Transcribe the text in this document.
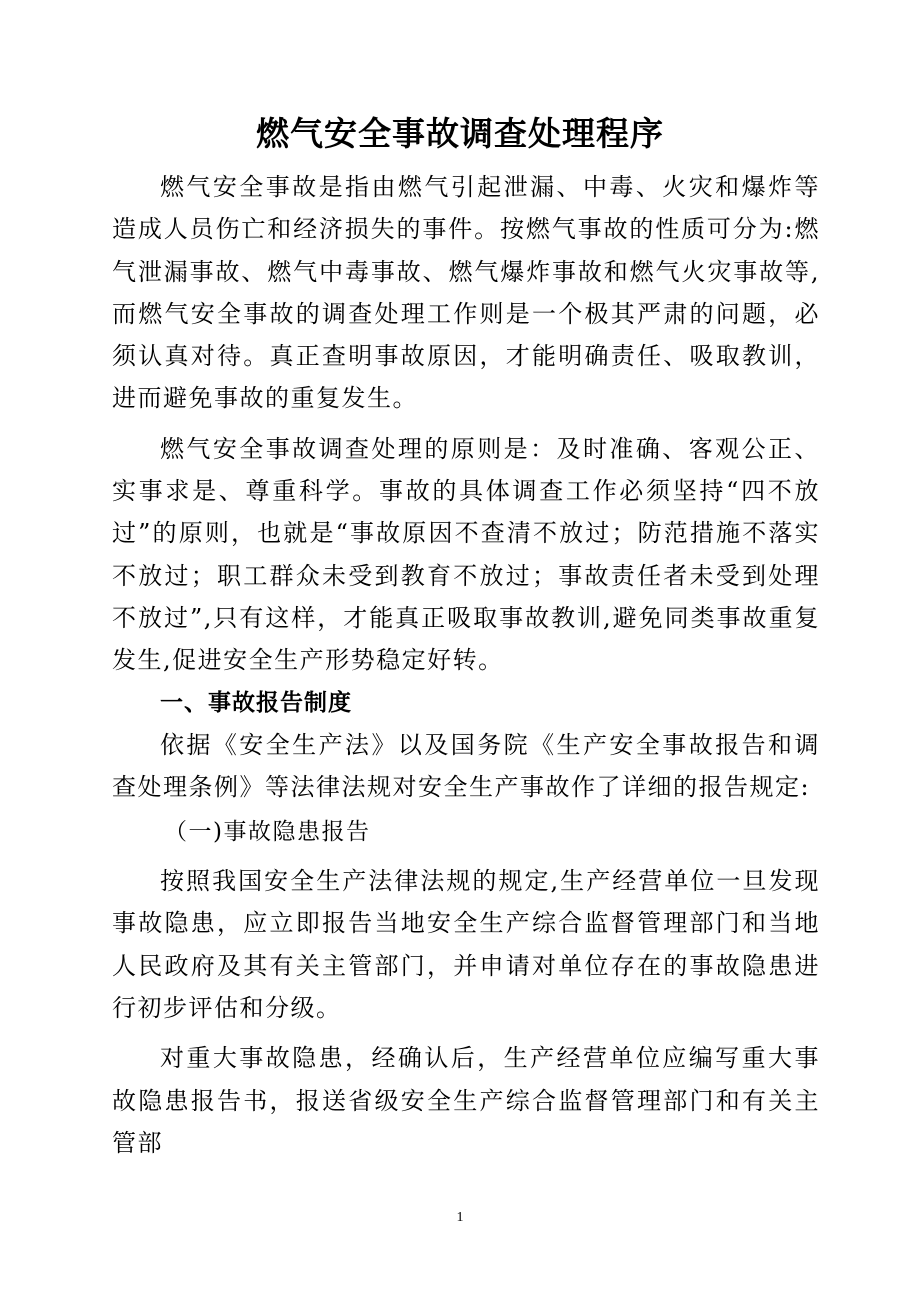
燃气安全事故调查处理程序

燃气安全事故是指由燃气引起泄漏、中毒、火灾和爆炸等造成人员伤亡和经济损失的事件。按燃气事故的性质可分为:燃气泄漏事故、燃气中毒事故、燃气爆炸事故和燃气火灾事故等,而燃气安全事故的调查处理工作则是一个极其严肃的问题，必须认真对待。真正查明事故原因，才能明确责任、吸取教训，进而避免事故的重复发生。

燃气安全事故调查处理的原则是：及时准确、客观公正、实事求是、尊重科学。事故的具体调查工作必须坚持“四不放过”的原则，也就是“事故原因不查清不放过；防范措施不落实不放过；职工群众未受到教育不放过；事故责任者未受到处理不放过”,只有这样，才能真正吸取事故教训,避免同类事故重复发生,促进安全生产形势稳定好转。

一、事故报告制度

依据《安全生产法》以及国务院《生产安全事故报告和调查处理条例》等法律法规对安全生产事故作了详细的报告规定:

（一)事故隐患报告

按照我国安全生产法律法规的规定,生产经营单位一旦发现事故隐患，应立即报告当地安全生产综合监督管理部门和当地人民政府及其有关主管部门，并申请对单位存在的事故隐患进行初步评估和分级。

对重大事故隐患，经确认后，生产经营单位应编写重大事故隐患报告书，报送省级安全生产综合监督管理部门和有关主管部

1
